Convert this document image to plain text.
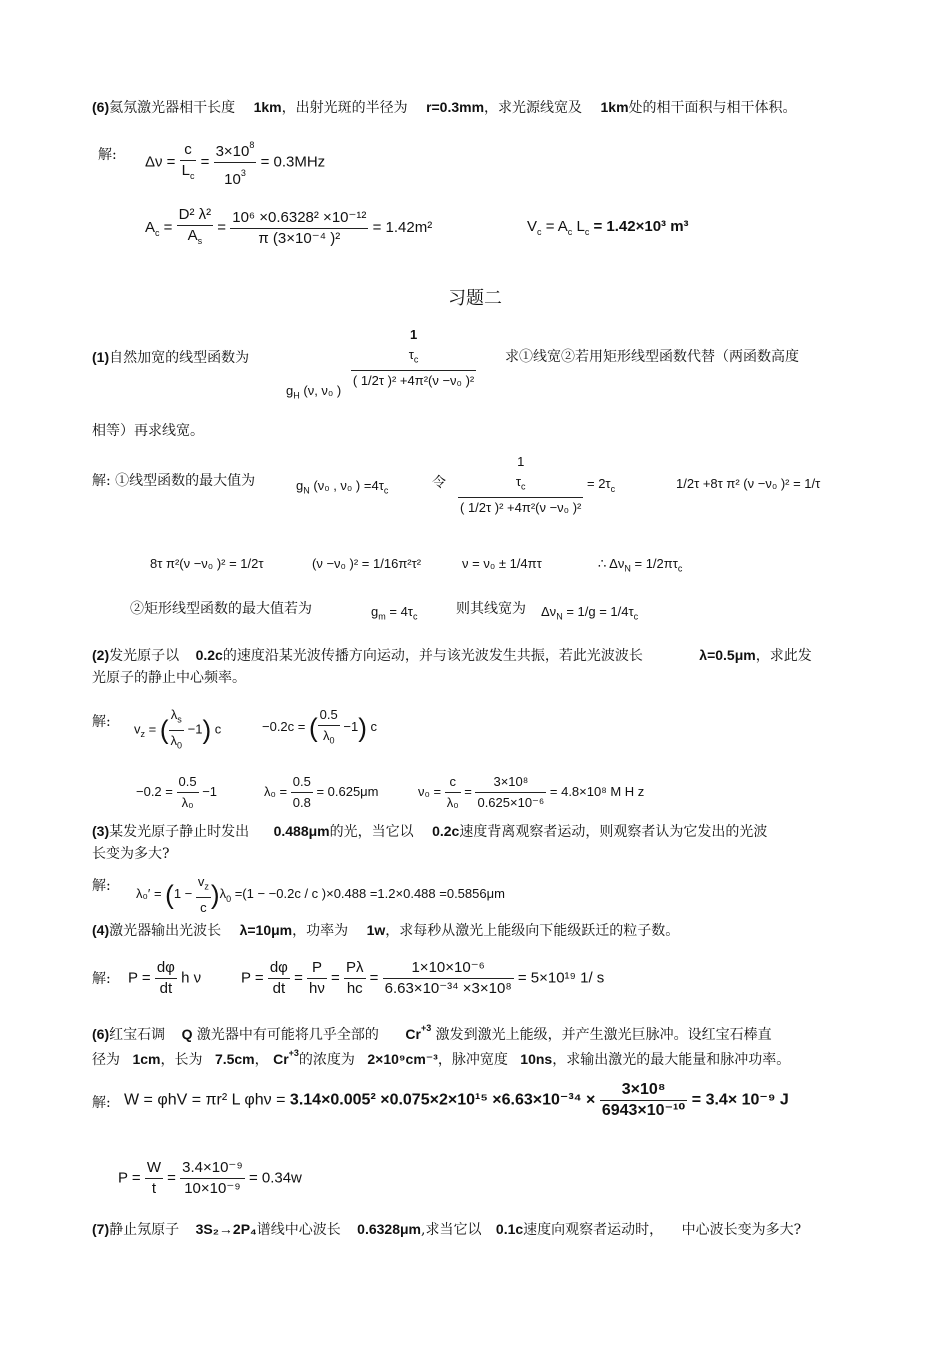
(6)氦氖激光器相干长度 1km，出射光斑的半径为 r=0.3mm，求光源线宽及 1km处的相干面积与相干体积。
解: $\Delta\nu = \frac{c}{L_c} = \frac{3\times 10^8}{10^3} = 0.3MHz$
$A_c = \frac{\text{D² λ²}}{A_s} = \frac{\text{10⁶ ×0.6328² ×10⁻¹²}}{\text{π (3×10⁻⁴ )²}} = 1.42m^2$	$V_c = A_c$ $L_c = 1.42\times 10^3$ m³
习题二
(1)自然加宽的线型函数为
$g_H$ (ν, ν₀ )
1
$\tau_c$
( 1/2τ )² +4π²(ν −ν₀ )²
求①线宽②若用矩形线型函数代替（两函数高度
相等）再求线宽。
解: ①线型函数的最大值为	$g_N$ (ν₀ , ν₀ ) $=4\tau_c$	令
1
$\tau_c$
( 1/2τ )² +4π²(ν −ν₀ )²
= $2\tau_c$	1/2τ +8τ π² (ν −ν₀ )² = 1/τ
8τ π²(ν −ν₀ )² = 1/2τ	(ν −ν₀ )² = 1/16π²τ²	ν = ν₀ ± 1/4πτ	∴ $\Delta\nu_N = 1/2\pi\tau_c$
②矩形线型函数的最大值若为	$g_m = 4\tau_c$	则其线宽为 $\Delta\nu_N = 1/g = 1/4\tau_c$
(2)发光原子以 0.2c的速度沿某光波传播方向运动，并与该光波发生共振，若此光波波长	λ=0.5μm，求此发
光原子的静止中心频率。
解: $v_z$ = ( $\frac{\lambda_s}{\lambda_0} -1$) c	−0.2c = ( $\frac{0.5}{\lambda_0} -1$) c
$-0.2 = \frac{0.5}{\text{λ₀}} -1$	$\lambda_0 = \frac{0.5}{0.8} = 0.625\mu m$	$\nu_0 = \frac{c}{\text{λ₀}} = \frac{\text{3×10⁸}}{\text{0.625×10⁻⁶}} = 4.8\times 10^8$ M H z
(3)某发光原子静止时发出 0.488μm的光，当它以 0.2c速度背离观察者运动，则观察者认为它发出的光波
长变为多大?
解: $\lambda_0' = (1 - \frac{v_z}{c} )\lambda_0 =(1 - -0.2c / c$ )×0.488 =1.2×0.488 =0.5856μm
(4)激光器输出光波长 λ=10μm，功率为 1w，求每秒从激光上能级向下能级跃迁的粒子数。
解: $P = \frac{d\varphi}{dt}$ h ν	$P = \frac{d\varphi}{dt} = \frac{P}{h\nu} = \frac{P\lambda}{hc} = \frac{\text{1×10×10⁻⁶}}{\text{6.63×10⁻³⁴ ×3×10⁸}} = 5\times 10^{19}$ 1/ s
(6)红宝石调 Q 激光器中有可能将几乎全部的 $Cr^{+3}$ 激发到激光上能级，并产生激光巨脉冲。设红宝石棒直
径为 1cm，长为 7.5cm， $Cr^{+3}$的浓度为 2×10⁹cm⁻³，脉冲宽度 10ns，求输出激光的最大能量和脉冲功率。
解: W = φhV = πr² L $\varphi h\nu = 3.14\times 0.005^2 \times 0.075\times 2\times 10^{15} \times 6.63\times 10^{-34} \times \frac{\text{3×10⁸}}{\text{6943×10⁻¹⁰}} = 3.4\times 10^{-9}$ J
$P = \frac{W}{t} = \frac{\text{3.4×10⁻⁹}}{\text{10×10⁻⁹}} = 0.34w$
(7)静止氖原子 3S₂→2P₄谱线中心波长 0.6328μm,求当它以 0.1c速度向观察者运动时， 中心波长变为多大?
